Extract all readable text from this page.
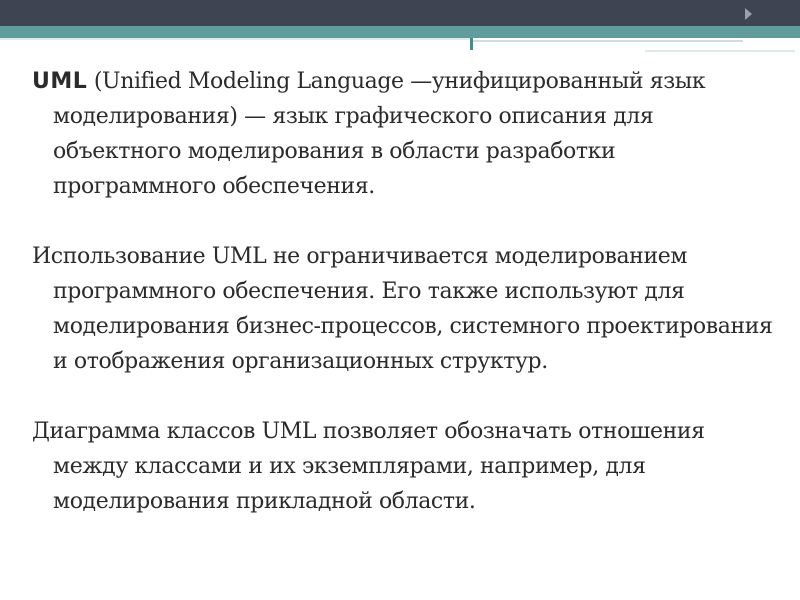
UML (Unified Modeling Language —унифицированный язык моделирования) — язык графического описания для объектного моделирования в области разработки программного обеспечения.

Использование UML не ограничивается моделированием программного обеспечения. Его также используют для моделирования бизнес-процессов, системного проектирования и отображения организационных структур.

Диаграмма классов UML позволяет обозначать отношения между классами и их экземплярами, например, для моделирования прикладной области.
